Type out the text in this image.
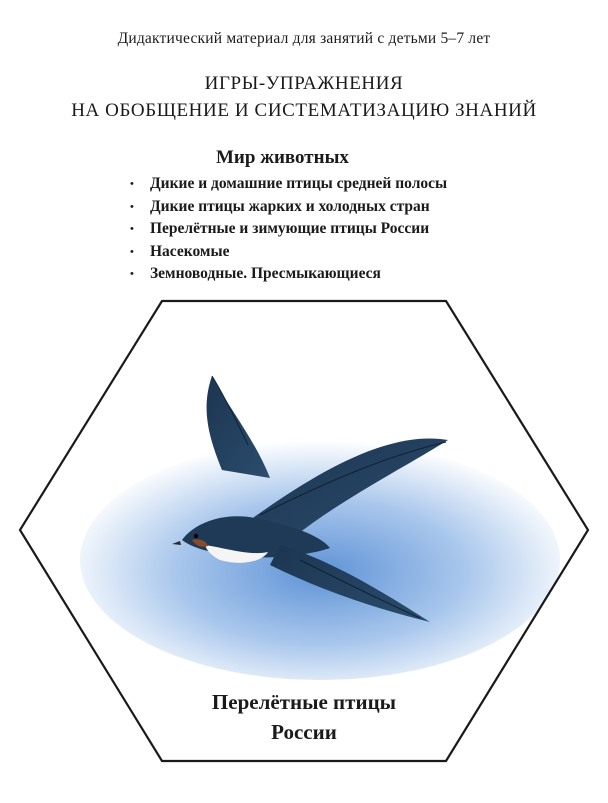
Дидактический материал для занятий с детьми 5–7 лет
ИГРЫ-УПРАЖНЕНИЯ
НА ОБОБЩЕНИЕ И СИСТЕМАТИЗАЦИЮ ЗНАНИЙ
Мир животных
• Дикие и домашние птицы средней полосы
• Дикие птицы жарких и холодных стран
• Перелётные и зимующие птицы России
• Насекомые
• Земноводные. Пресмыкающиеся
Перелётные птицы
России
